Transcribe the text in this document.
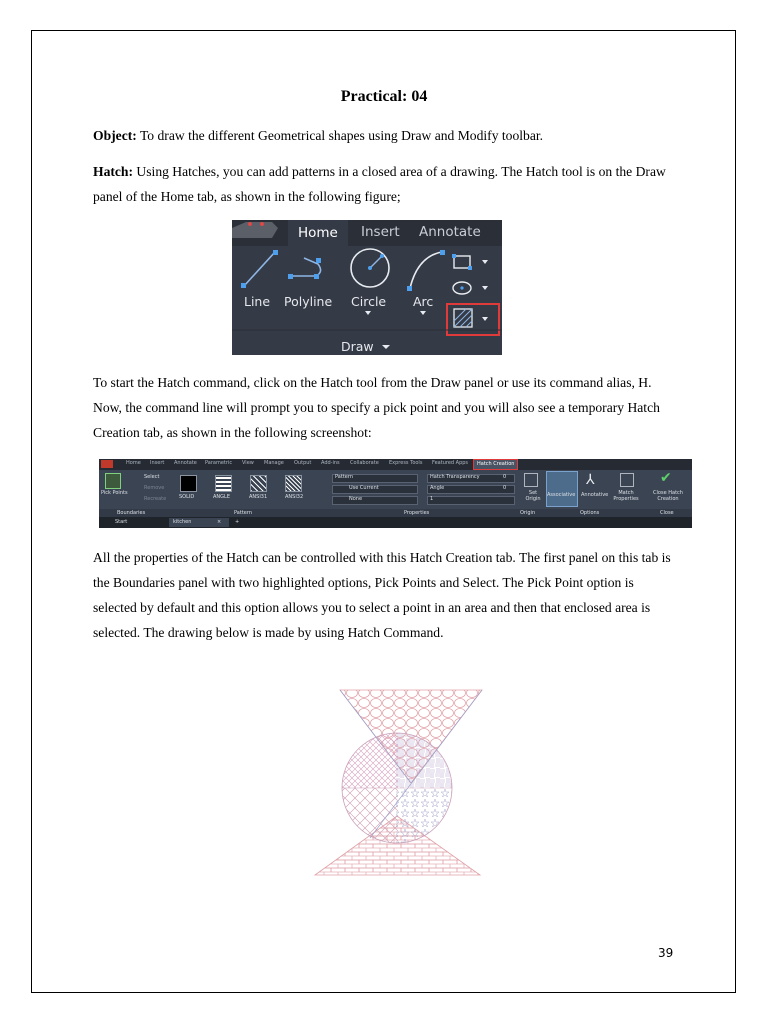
Practical: 04
Object: To draw the different Geometrical shapes using Draw and Modify toolbar.
Hatch: Using Hatches, you can add patterns in a closed area of a drawing. The Hatch tool is on the Draw panel of the Home tab, as shown in the following figure;
Home	Insert Annotate
Line Polyline Circle Arc
Draw
To start the Hatch command, click on the Hatch tool from the Draw panel or use its command alias, H. Now, the command line will prompt you to specify a pick point and you will also see a temporary Hatch Creation tab, as shown in the following screenshot:
Home Insert Annotate Parametric View Manage Output Add-ins Collaborate Express Tools Featured Apps	Hatch Creation
Pick Points
Select
Remove
Recreate	SOLID	ANGLE	ANSI31	ANSI32
Pattern
Use Current
None
Hatch Transparency	0
Angle	0
1
Set Origin
Associative
⅄
Annotative	Match Properties
✔
Close Hatch Creation
Boundaries	Pattern	Properties	Origin	Options	Close
Start	kitchen	×	+
All the properties of the Hatch can be controlled with this Hatch Creation tab. The first panel on this tab is the Boundaries panel with two highlighted options, Pick Points and Select. The Pick Point option is selected by default and this option allows you to select a point in an area and then that enclosed area is selected. The drawing below is made by using Hatch Command.
39
